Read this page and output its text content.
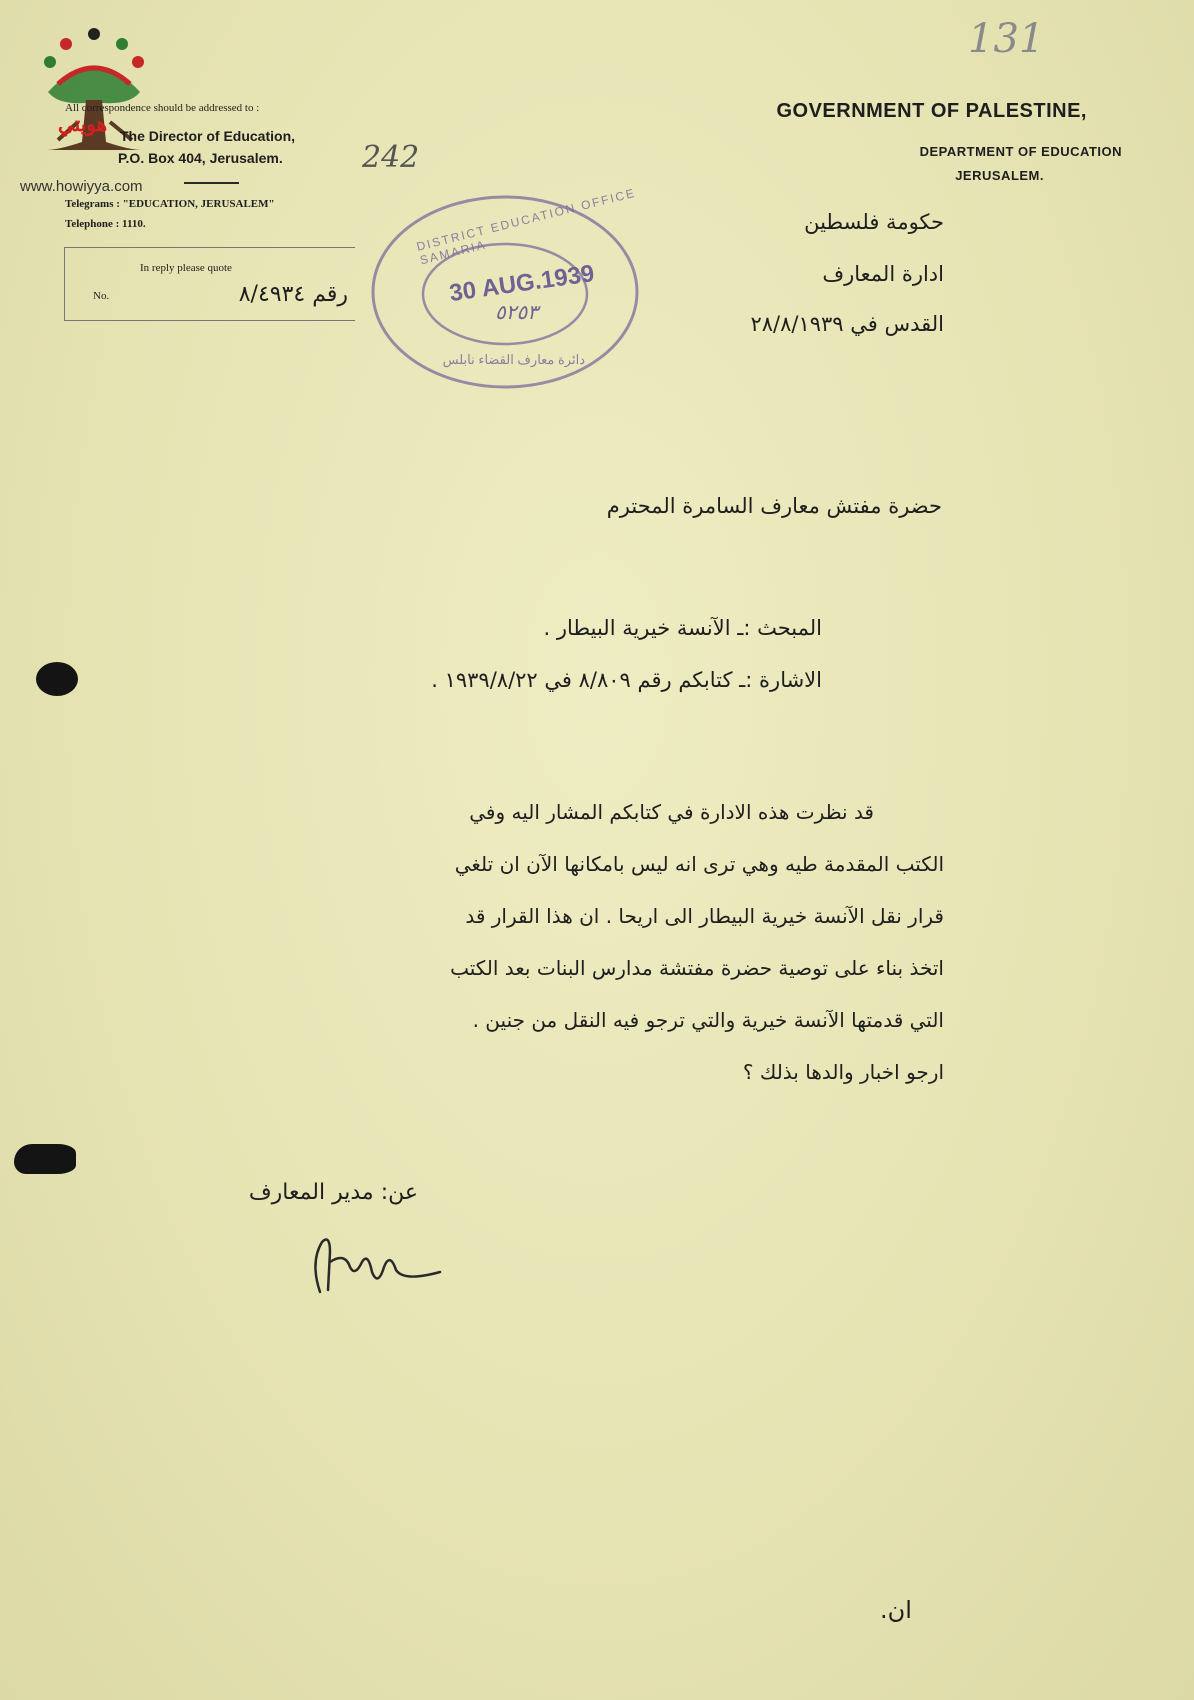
هويتي
www.howiyya.com
131
All correspondence should be addressed to :
The Director of Education,
P.O. Box 404, Jerusalem.	242
Telegrams : "EDUCATION, JERUSALEM"
Telephone : 1110.
In reply please quote
No.	رقم ٨/٤٩٣٤
GOVERNMENT OF PALESTINE,
DEPARTMENT OF EDUCATION
JERUSALEM.
حكومة فلسطين
ادارة المعارف
القدس في ٢٨/٨/١٩٣٩
DISTRICT EDUCATION OFFICE SAMARIA
30 AUG.1939
٥٢٥٣
دائرة معارف القضاء نابلس
حضرة مفتش معارف السامرة المحترم
المبحث :ـ الآنسة خيرية البيطار .
الاشارة :ـ كتابكم رقم ٨/٨٠٩ في ١٩٣٩/٨/٢٢ .
قد نظرت هذه الادارة في كتابكم المشار اليه وفي
الكتب المقدمة طيه وهي ترى انه ليس بامكانها الآن ان تلغي
قرار نقل الآنسة خيرية البيطار الى اريحا . ان هذا القرار قد
اتخذ بناء على توصية حضرة مفتشة مدارس البنات بعد الكتب
التي قدمتها الآنسة خيرية والتي ترجو فيه النقل من جنين .
ارجو اخبار والدها بذلك ؟
عن: مدير المعارف
ان.
